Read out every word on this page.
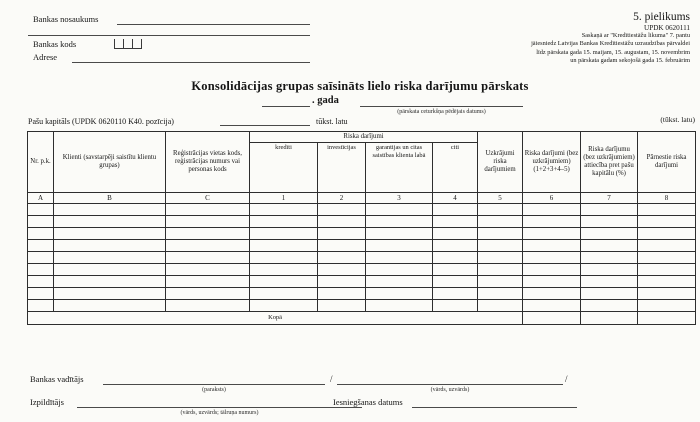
Bankas nosaukums
Bankas kods
Adrese
5. pielikums
UPDK 0620111
Saskaņā ar "Kredītiestāžu likuma" 7. pantu
jāiesniedz Latvijas Bankas Kredītiestāžu uzraudzības pārvaldei
līdz pārskata gada 15. maijam, 15. augustam, 15. novembrim
un pārskata gadam sekojošā gada 15. februārim
Konsolidācijas grupas saīsināts lielo riska darījumu pārskats
. gada
(pārskata ceturkšņa pēdējais datums)
Pašu kapitāls (UPDK 0620110 K40. pozīcija)	tūkst. latu	(tūkst. latu)
Nr. p.k.	Klienti (savstarpēji saistītu klientu grupas)	Reģistrācijas vietas kods, reģistrācijas numurs vai personas kods	Riska darījumi				Uzkrājumi riska darījumiem	Riska darījumi (bez uzkrājumiem) (1+2+3+4–5)	Riska darījumu (bez uzkrājumiem) attiecība pret pašu kapitālu (%)	Pārnestie riska darījumi
			kredīti	investīcijas	garantijas un citas saistības klienta labā	citi				
A	B	C	1	2	3	4	5	6	7	8

Kopā										
Bankas vadītājs
(paraksts)
/
(vārds, uzvārds)
/
Izpildītājs
(vārds, uzvārds; tālruņa numurs)
Iesniegšanas datums
